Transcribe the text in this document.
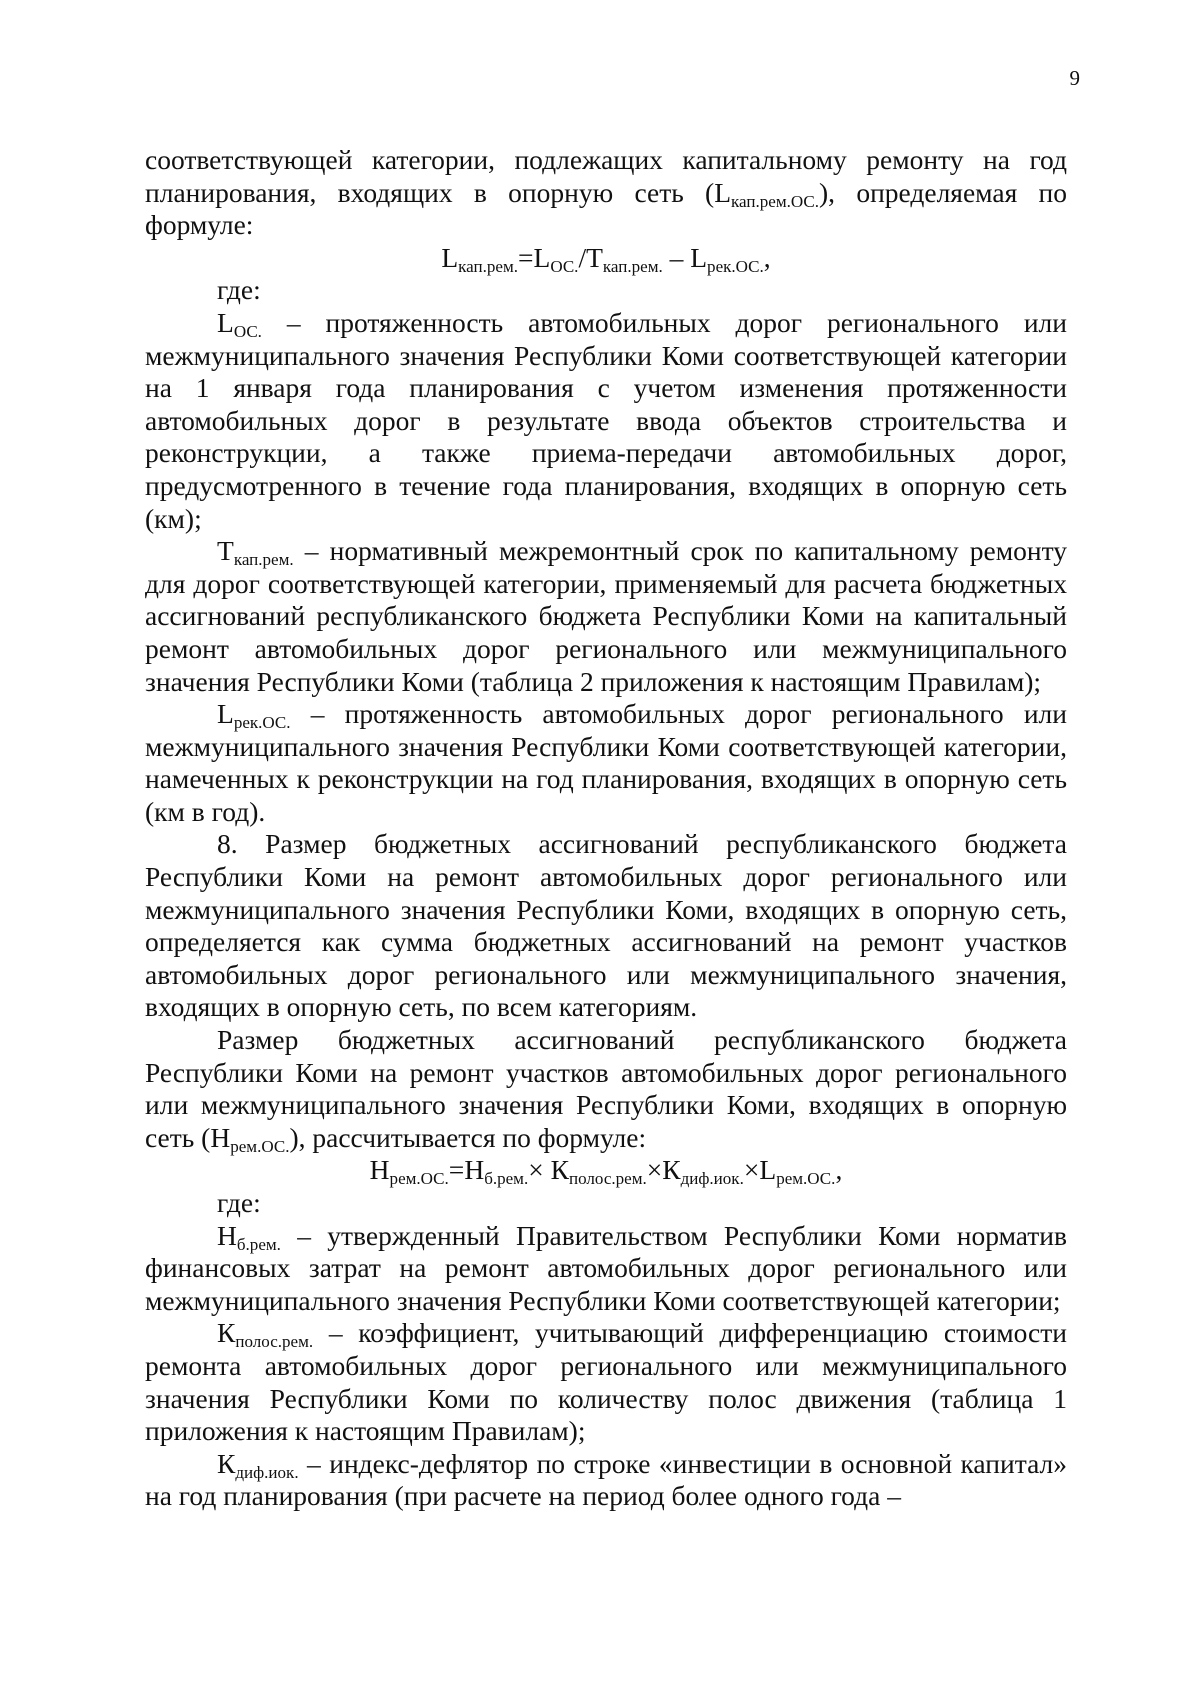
9

соответствующей категории, подлежащих капитальному ремонту на год планирования, входящих в опорную сеть $(L_{кап.рем.ОС.})$, определяемая по формуле:

$L_{кап.рем.}=L_{ОС.}/Т_{кап.рем.} - L_{рек.ОС.}$,

где:

$L_{ОС.}$ – протяженность автомобильных дорог регионального или межмуниципального значения Республики Коми соответствующей категории на 1 января года планирования с учетом изменения протяженности автомобильных дорог в результате ввода объектов строительства и реконструкции, а также приема-передачи автомобильных дорог, предусмотренного в течение года планирования, входящих в опорную сеть (км);

$Т_{кап.рем.}$ – нормативный межремонтный срок по капитальному ремонту для дорог соответствующей категории, применяемый для расчета бюджетных ассигнований республиканского бюджета Республики Коми на капитальный ремонт автомобильных дорог регионального или межмуниципального значения Республики Коми (таблица 2 приложения к настоящим Правилам);

$L_{рек.ОС.}$ – протяженность автомобильных дорог регионального или межмуниципального значения Республики Коми соответствующей категории, намеченных к реконструкции на год планирования, входящих в опорную сеть (км в год).

8. Размер бюджетных ассигнований республиканского бюджета Республики Коми на ремонт автомобильных дорог регионального или межмуниципального значения Республики Коми, входящих в опорную сеть, определяется как сумма бюджетных ассигнований на ремонт участков автомобильных дорог регионального или межмуниципального значения, входящих в опорную сеть, по всем категориям.

Размер бюджетных ассигнований республиканского бюджета Республики Коми на ремонт участков автомобильных дорог регионального или межмуниципального значения Республики Коми, входящих в опорную сеть $(Н_{рем.ОС.})$, рассчитывается по формуле:

$Н_{рем.ОС.}=Н_{б.рем.}\times К_{полос.рем.}\times К_{диф.иок.}\times L_{рем.ОС.}$,

где:

$Н_{б.рем.}$ – утвержденный Правительством Республики Коми норматив финансовых затрат на ремонт автомобильных дорог регионального или межмуниципального значения Республики Коми соответствующей категории;

$К_{полос.рем.}$ – коэффициент, учитывающий дифференциацию стоимости ремонта автомобильных дорог регионального или межмуниципального значения Республики Коми по количеству полос движения (таблица 1 приложения к настоящим Правилам);

$К_{диф.иок.}$ – индекс-дефлятор по строке «инвестиции в основной капитал» на год планирования (при расчете на период более одного года –
